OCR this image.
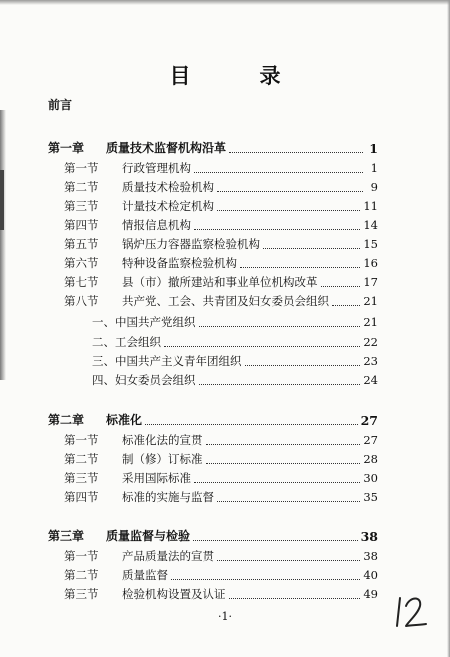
目　录
前言
第一章 质量技术监督机构沿革	1
第一节 行政管理机构	1
第二节 质量技术检验机构	9
第三节 计量技术检定机构	11
第四节 情报信息机构	14
第五节 锅炉压力容器监察检验机构	15
第六节 特种设备监察检验机构	16
第七节 县（市）撤所建站和事业单位机构改革	17
第八节 共产党、工会、共青团及妇女委员会组织	21
一、中国共产党组织	21
二、工会组织	22
三、中国共产主义青年团组织	23
四、妇女委员会组织	24
第二章 标准化	27
第一节 标准化法的宣贯	27
第二节 制（修）订标准	28
第三节 采用国际标准	30
第四节 标准的实施与监督	35
第三章 质量监督与检验	38
第一节 产品质量法的宣贯	38
第二节 质量监督	40
第三节 检验机构设置及认证	49
·1·
